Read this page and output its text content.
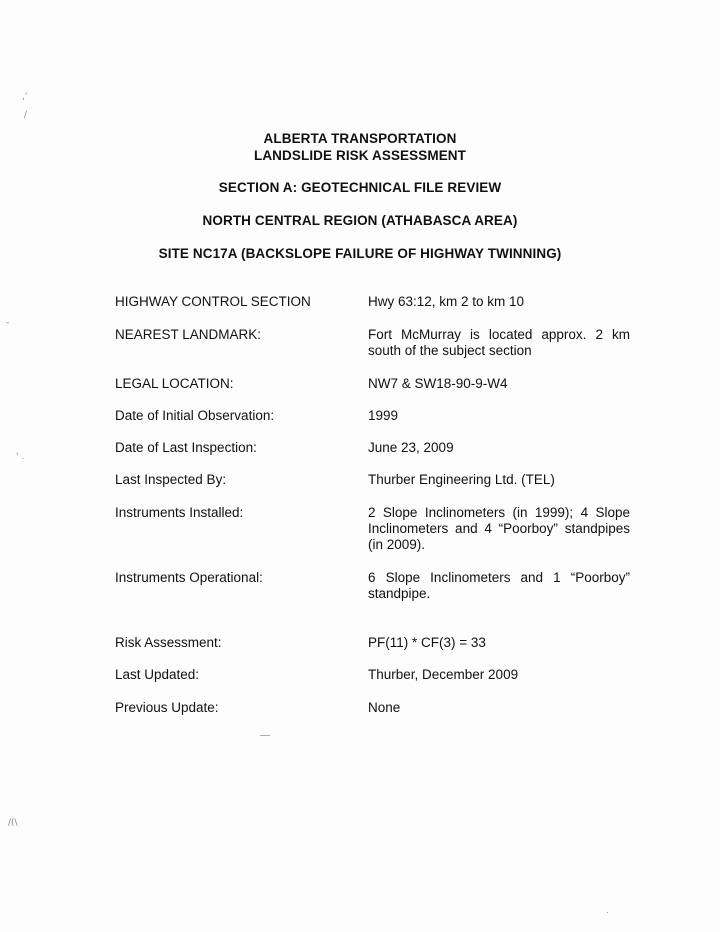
,'
/
-
' .
/(\
.
ALBERTA TRANSPORTATION
LANDSLIDE RISK ASSESSMENT
SECTION A: GEOTECHNICAL FILE REVIEW
NORTH CENTRAL REGION (ATHABASCA AREA)
SITE NC17A (BACKSLOPE FAILURE OF HIGHWAY TWINNING)
HIGHWAY CONTROL SECTION	Hwy 63:12, km 2 to km 10
NEAREST LANDMARK:	Fort McMurray is located approx. 2 km south of the subject section
LEGAL LOCATION:	NW7 & SW18-90-9-W4
Date of Initial Observation:	1999
Date of Last Inspection:	June 23, 2009
Last Inspected By:	Thurber Engineering Ltd. (TEL)
Instruments Installed:	2 Slope Inclinometers (in 1999); 4 Slope Inclinometers and 4 “Poorboy” standpipes (in 2009).
Instruments Operational:	6 Slope Inclinometers and 1 “Poorboy” standpipe.
Risk Assessment:	PF(11) * CF(3) = 33
Last Updated:	Thurber, December 2009
Previous Update:	None
